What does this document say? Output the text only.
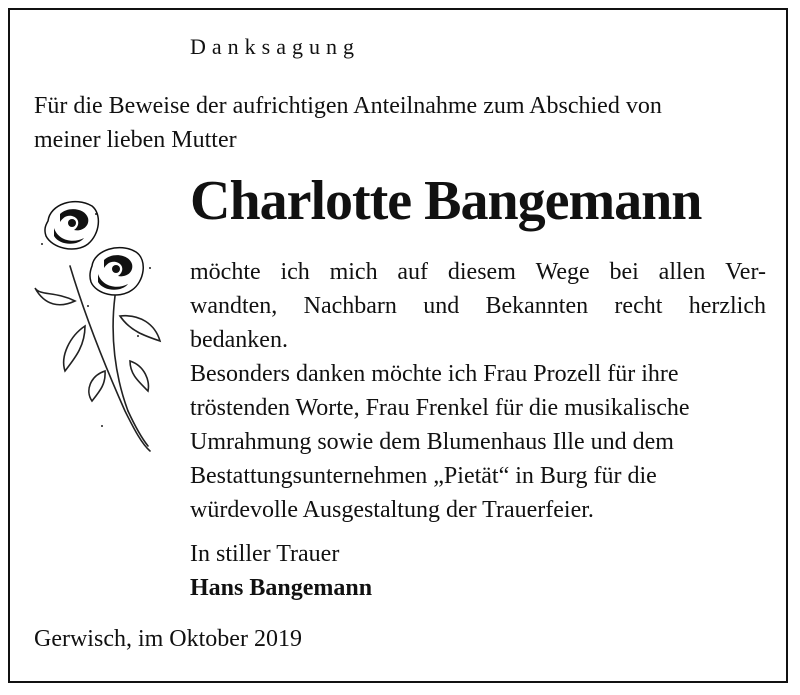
Danksagung
Für die Beweise der aufrichtigen Anteilnahme zum Abschied von
meiner lieben Mutter
Charlotte Bangemann
möchte ich mich auf diesem Wege bei allen Ver-
wandten, Nachbarn und Bekannten recht herzlich
bedanken.
Besonders danken möchte ich Frau Prozell für ihre
tröstenden Worte, Frau Frenkel für die musikalische
Umrahmung sowie dem Blumenhaus Ille und dem
Bestattungsunternehmen „Pietät“ in Burg für die
würdevolle Ausgestaltung der Trauerfeier.
In stiller Trauer
Hans Bangemann
Gerwisch, im Oktober 2019
